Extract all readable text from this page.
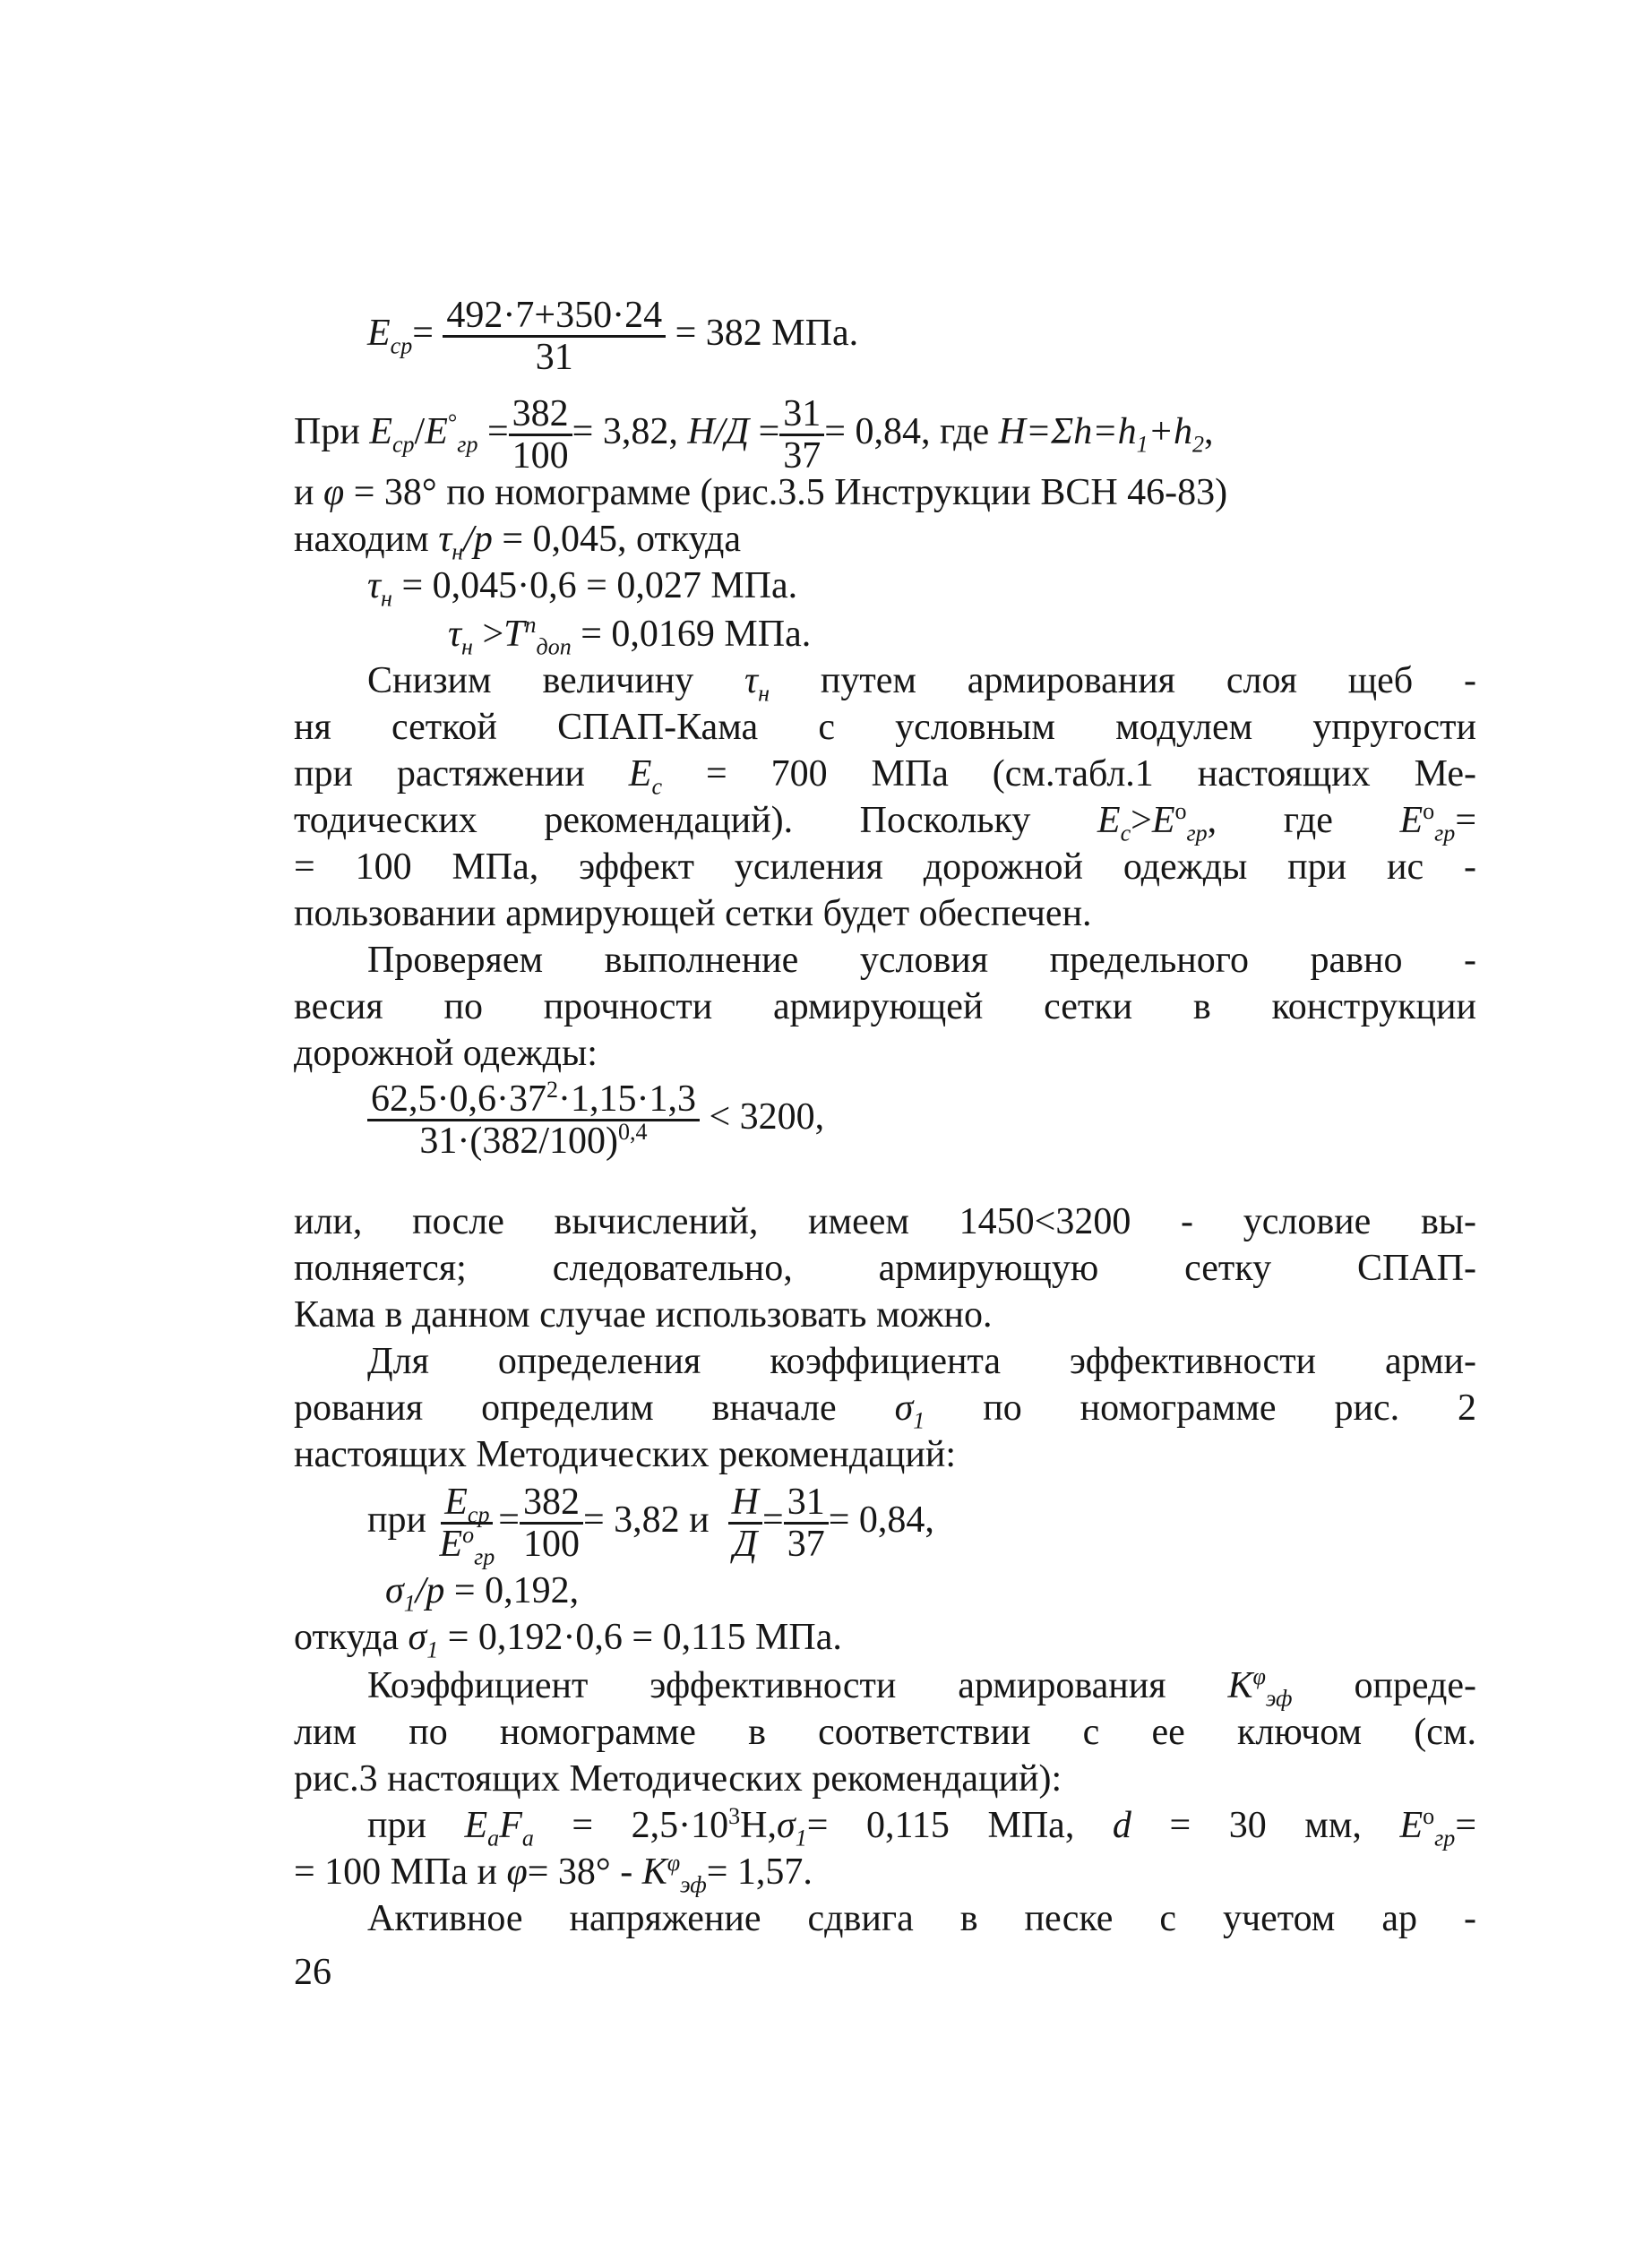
$E_{ср}= \frac{492\cdot 7+350\cdot 24}{31} = 382$ МПа.
При $E_{ср}/E^\circ_{гр} = \frac{382}{100} = 3,82$, $H/Д = \frac{31}{37} = 0,84$, где $H=\Sigma h=h_1+h_2$,
и φ = 38° по номограмме (рис.3.5 Инструкции ВСН 46-83)
находим $\tau_н/p = 0,045$, откуда
$\tau_н = 0,045\cdot 0,6 = 0,027$ МПа.
$\tau_н >T^п_{доп} = 0,0169$ МПа.
Снизим величину $\tau_н$ путем армирования слоя щеб -
ня сеткой СПАП-Кама с условным модулем упругости
при растяжении $E_с = 700$ МПа (см.табл.1 настоящих Ме-
тодических рекомендаций). Поскольку $E_с>E^о_{гр}$, где $E^о_{гр}=$
= 100 МПа, эффект усиления дорожной одежды при ис -
пользовании армирующей сетки будет обеспечен.
Проверяем выполнение условия предельного равно -
весия по прочности армирующей сетки в конструкции
дорожной одежды:
$\frac{62,5\cdot 0,6\cdot 37^2\cdot 1,15\cdot 1,3}{31\cdot(382/100)^{0,4}} < 3200$,
или, после вычислений, имеем 1450<3200 - условие вы-
полняется; следовательно, армирующую сетку СПАП-
Кама в данном случае использовать можно.
Для определения коэффициента эффективности арми-
рования определим вначале $\sigma_1$ по номограмме рис. 2
настоящих Методических рекомендаций:
при $\frac{E_{ср}}{E^о_{гр}} = \frac{382}{100} = 3,82$ и $\frac{H}{Д} = \frac{31}{37} = 0,84$,
$\sigma_1/p = 0,192$,
откуда $\sigma_1 = 0,192\cdot 0,6 = 0,115$ МПа.
Коэффициент эффективности армирования $K^\varphi_{эф}$ опреде-
лим по номограмме в соответствии с ее ключом (см.
рис.3 настоящих Методических рекомендаций):
при $E_aF_a = 2,5\cdot 10^3H,\sigma_1= 0,115$ МПа, d = 30 мм, $E^о_{гр}=$
= 100 МПа и $\varphi= 38^\circ - K^\varphi_{эф}= 1,57$.
Активное напряжение сдвига в песке с учетом ар -
26
